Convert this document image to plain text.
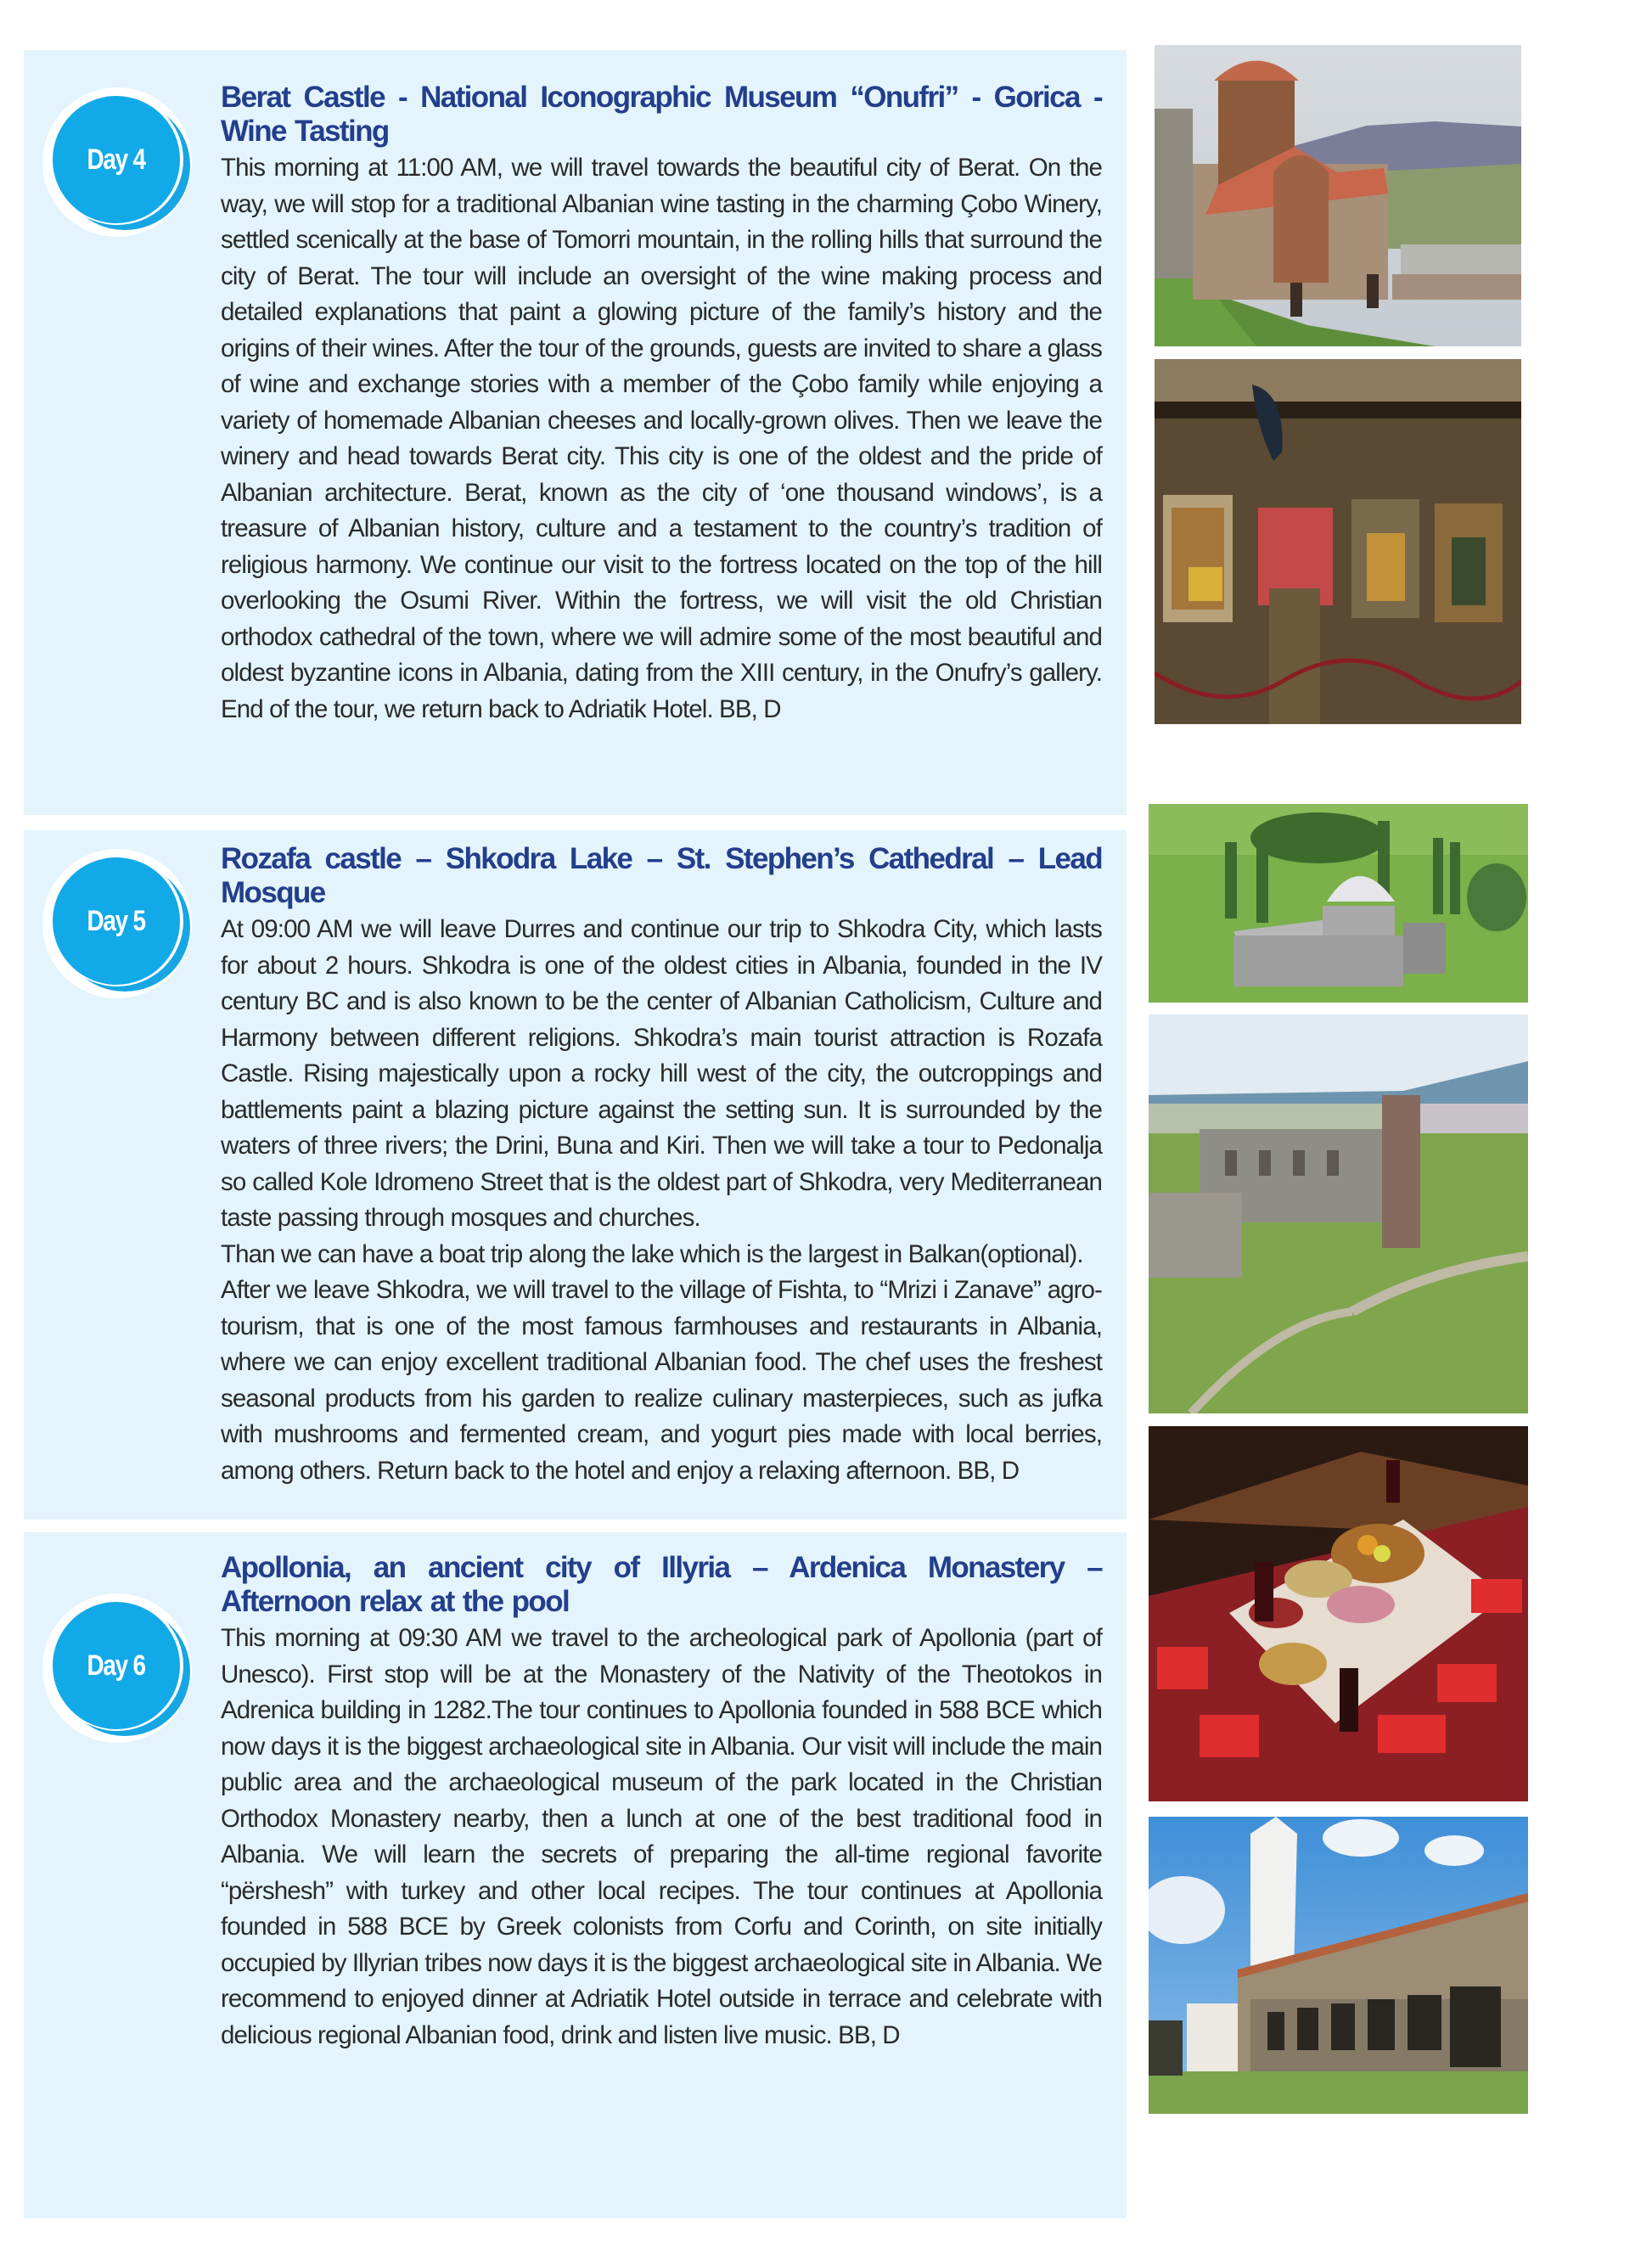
Day 4
Berat Castle - National Iconographic Museum “Onufri” - Gorica - Wine Tasting

This morning at 11:00 AM, we will travel towards the beautiful city of Berat. On the way, we will stop for a traditional Albanian wine tasting in the charming Çobo Winery, settled scenically at the base of Tomorri mountain, in the rolling hills that surround the city of Berat. The tour will include an oversight of the wine making process and detailed explanations that paint a glowing picture of the family’s history and the origins of their wines. After the tour of the grounds, guests are invited to share a glass of wine and exchange stories with a member of the Çobo family while enjoying a variety of homemade Albanian cheeses and locally-grown olives. Then we leave the winery and head towards Berat city. This city is one of the oldest and the pride of Albanian architecture. Berat, known as the city of ‘one thousand windows’, is a treasure of Albanian history, culture and a testament to the country’s tradition of religious harmony. We continue our visit to the fortress located on the top of the hill overlooking the Osumi River. Within the fortress, we will visit the old Christian orthodox cathedral of the town, where we will admire some of the most beautiful and oldest byzantine icons in Albania, dating from the XIII century, in the Onufry’s gallery. End of the tour, we return back to Adriatik Hotel. BB, D

Day 5
Rozafa castle – Shkodra Lake – St. Stephen’s Cathedral – Lead Mosque

At 09:00 AM we will leave Durres and continue our trip to Shkodra City, which lasts for about 2 hours. Shkodra is one of the oldest cities in Albania, founded in the IV century BC and is also known to be the center of Albanian Catholicism, Culture and Harmony between different religions. Shkodra’s main tourist attraction is Rozafa Castle. Rising majestically upon a rocky hill west of the city, the outcroppings and battlements paint a blazing picture against the setting sun. It is surrounded by the waters of three rivers; the Drini, Buna and Kiri. Then we will take a tour to Pedonalja so called Kole Idromeno Street that is the oldest part of Shkodra, very Mediterranean taste passing through mosques and churches.

Than we can have a boat trip along the lake which is the largest in Balkan(optional).

After we leave Shkodra, we will travel to the village of Fishta, to “Mrizi i Zanave” agro-tourism, that is one of the most famous farmhouses and restaurants in Albania, where we can enjoy excellent traditional Albanian food. The chef uses the freshest seasonal products from his garden to realize culinary masterpieces, such as jufka with mushrooms and fermented cream, and yogurt pies made with local berries, among others. Return back to the hotel and enjoy a relaxing afternoon. BB, D

Day 6
Apollonia, an ancient city of Illyria – Ardenica Monastery – Afternoon relax at the pool

This morning at 09:30 AM we travel to the archeological park of Apollonia (part of Unesco). First stop will be at the Monastery of the Nativity of the Theotokos in Adrenica building in 1282.The tour continues to Apollonia founded in 588 BCE which now days it is the biggest archaeological site in Albania. Our visit will include the main public area and the archaeological museum of the park located in the Christian Orthodox Monastery nearby, then a lunch at one of the best traditional food in Albania. We will learn the secrets of preparing the all-time regional favorite “përshesh” with turkey and other local recipes. The tour continues at Apollonia founded in 588 BCE by Greek colonists from Corfu and Corinth, on site initially occupied by Illyrian tribes now days it is the biggest archaeological site in Albania. We recommend to enjoyed dinner at Adriatik Hotel outside in terrace and celebrate with delicious regional Albanian food, drink and listen live music. BB, D
